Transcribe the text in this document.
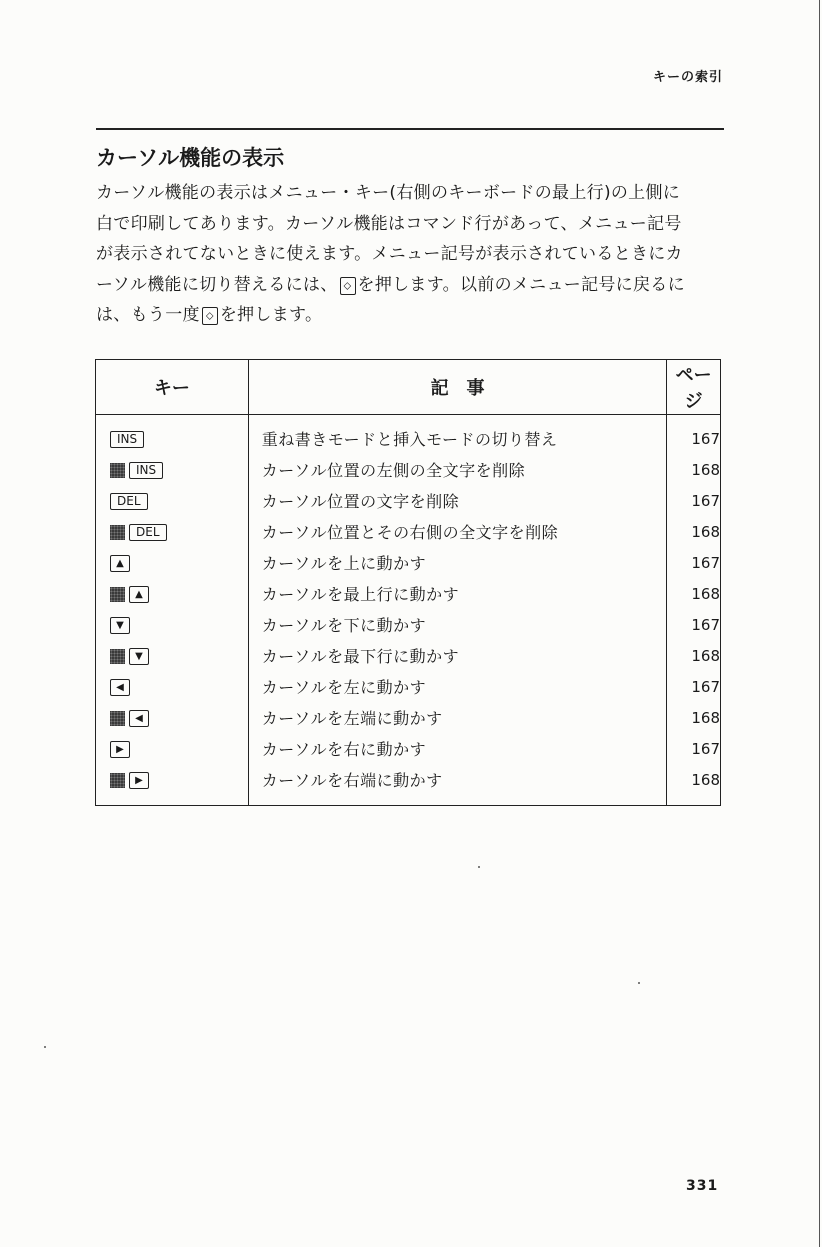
キーの索引
カーソル機能の表示

カーソル機能の表示はメニュー・キー(右側のキーボードの最上行)の上側に

白で印刷してあります。カーソル機能はコマンド行があって、メニュー記号

が表示されてないときに使えます。メニュー記号が表示されているときにカ

ーソル機能に切り替えるには、 ⬦ を押します。以前のメニュー記号に戻るに

は、もう一度 ⬦ を押します。

キー	記　事	ページ
INS	重ね書きモードと挿入モードの切り替え	167
INS	カーソル位置の左側の全文字を削除	168
DEL	カーソル位置の文字を削除	167
DEL	カーソル位置とその右側の全文字を削除	168
▲	カーソルを上に動かす	167
▲	カーソルを最上行に動かす	168
▼	カーソルを下に動かす	167
▼	カーソルを最下行に動かす	168
◀	カーソルを左に動かす	167
◀	カーソルを左端に動かす	168
▶	カーソルを右に動かす	167
▶	カーソルを右端に動かす	168
331
